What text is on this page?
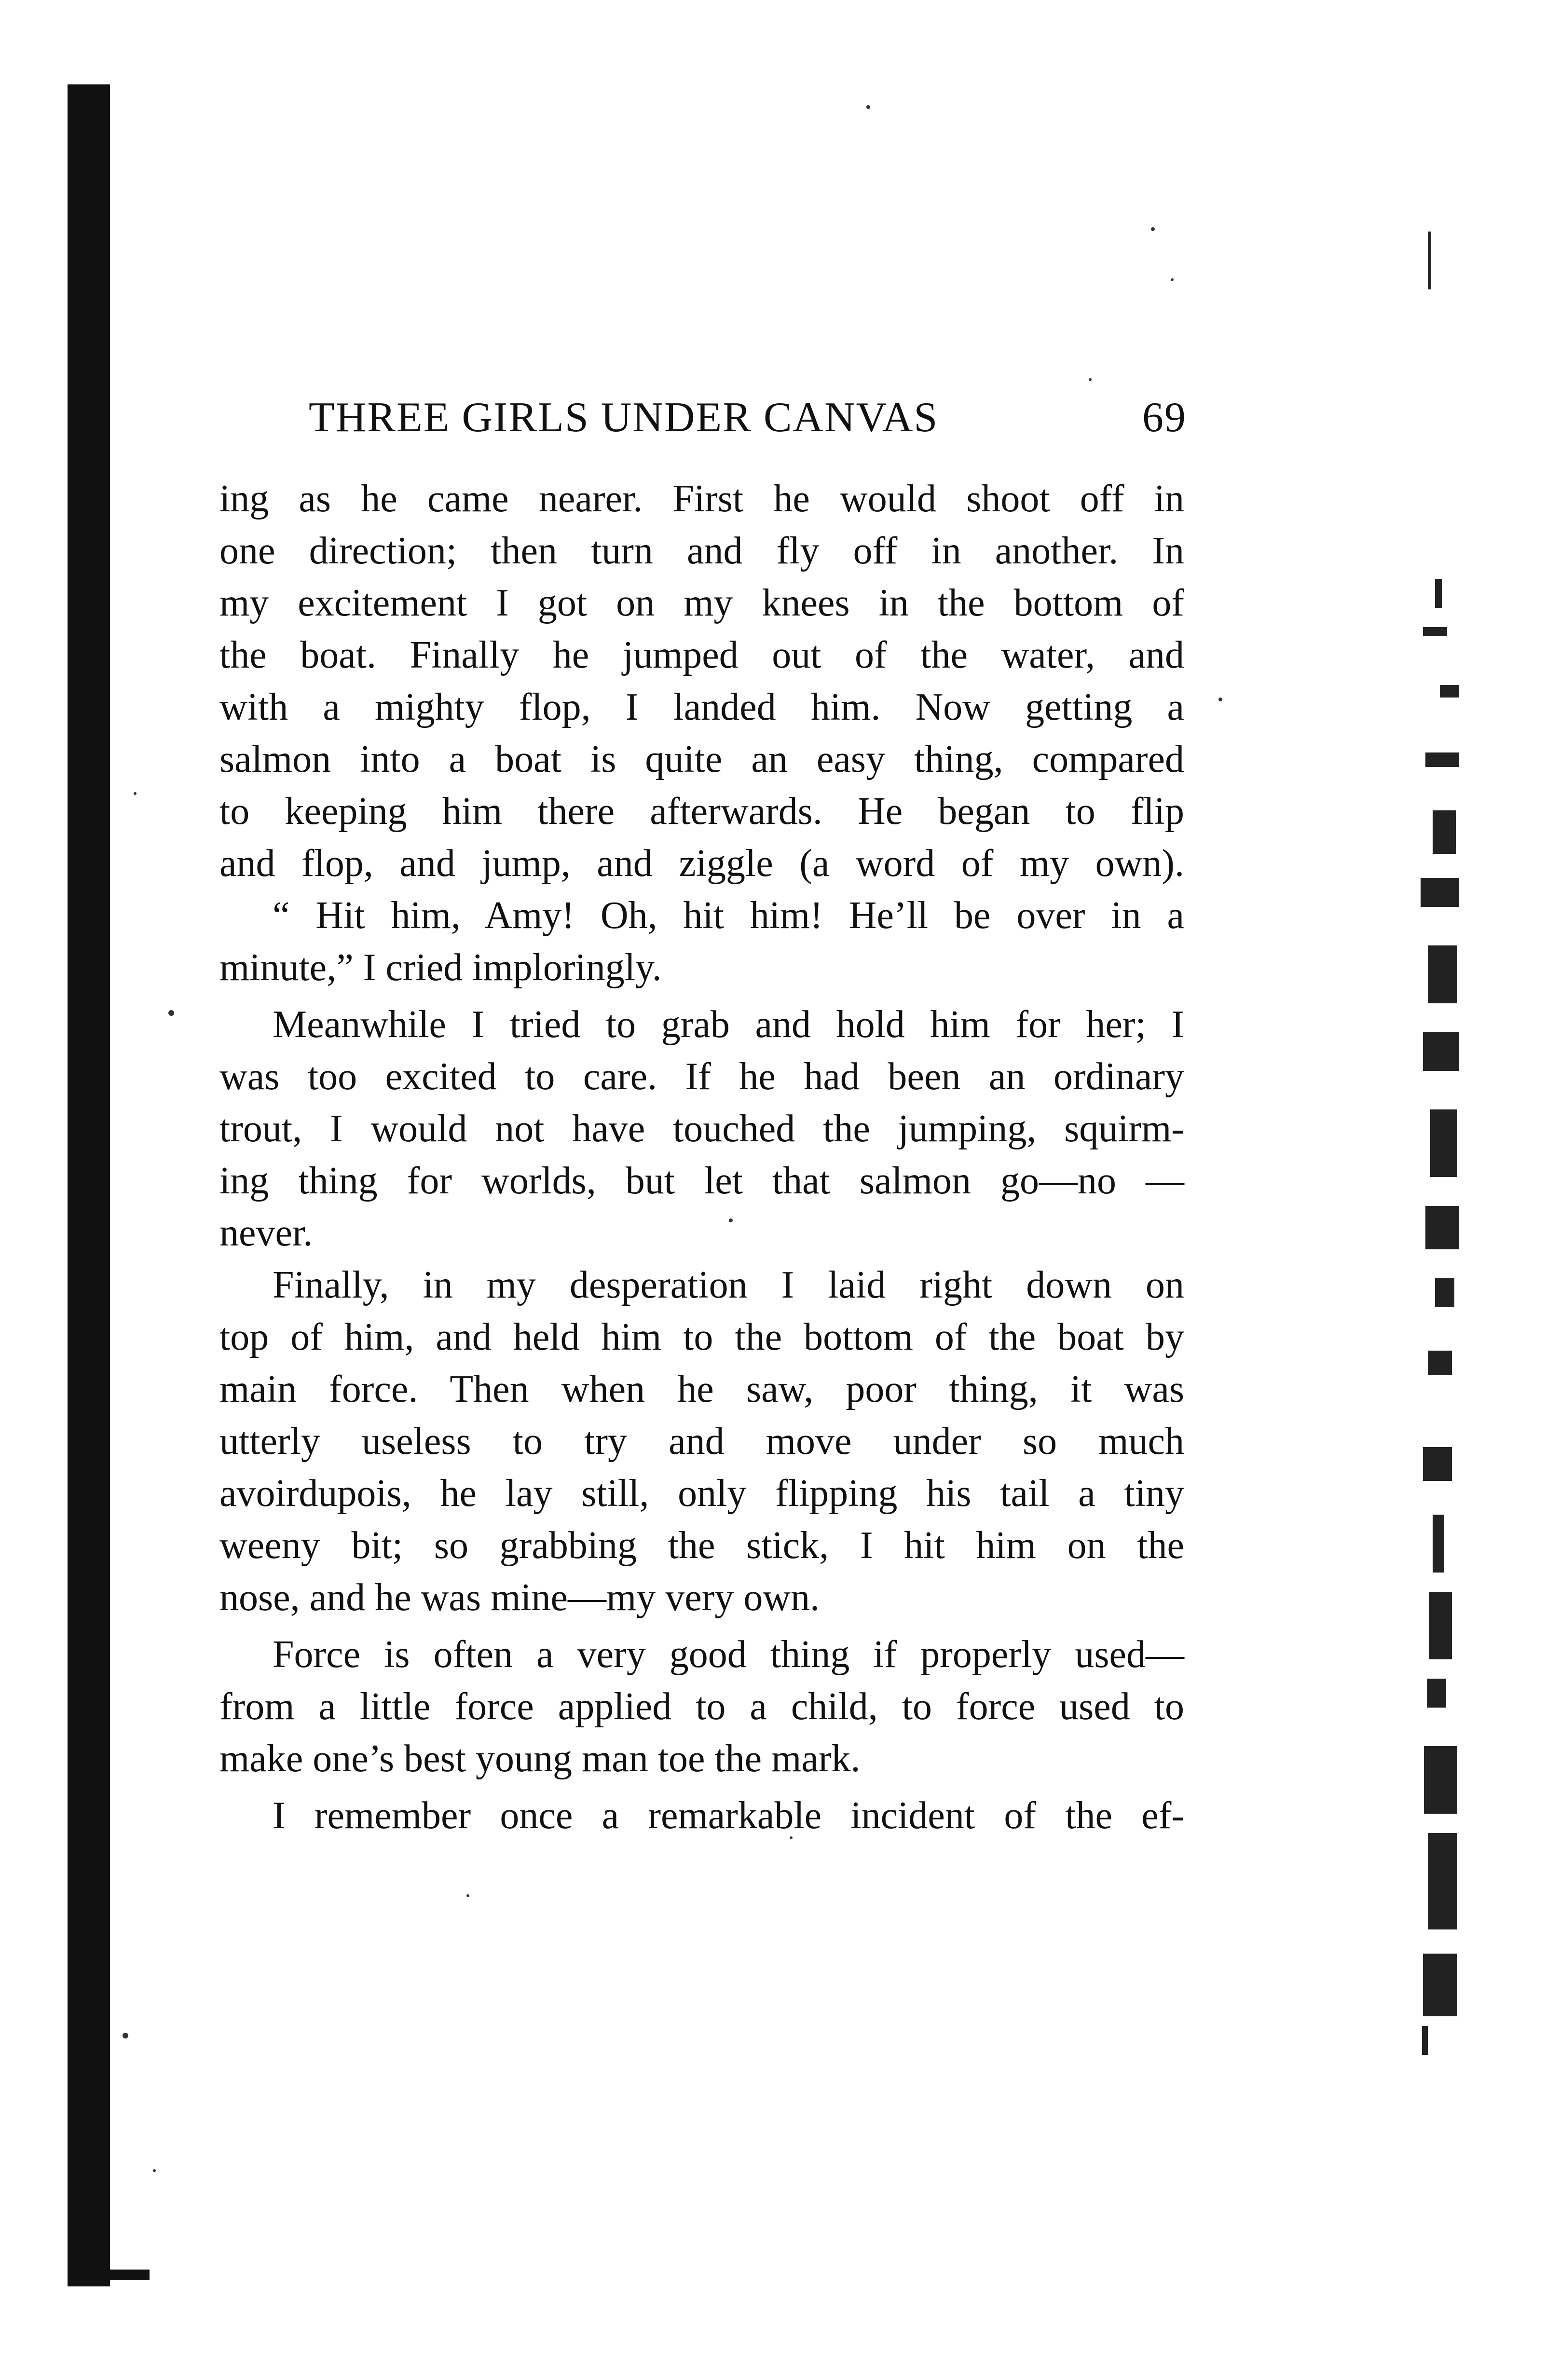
THREE GIRLS UNDER CANVAS	69
ing as he came nearer. First he would shoot off in
one direction; then turn and fly off in another. In
my excitement I got on my knees in the bottom of
the boat. Finally he jumped out of the water, and
with a mighty flop, I landed him. Now getting a
salmon into a boat is quite an easy thing, compared
to keeping him there afterwards. He began to flip
and flop, and jump, and ziggle (a word of my own).
“ Hit him, Amy! Oh, hit him! He’ll be over in a
minute,” I cried imploringly.
Meanwhile I tried to grab and hold him for her; I
was too excited to care. If he had been an ordinary
trout, I would not have touched the jumping, squirm-
ing thing for worlds, but let that salmon go—no —
never.
Finally, in my desperation I laid right down on
top of him, and held him to the bottom of the boat by
main force. Then when he saw, poor thing, it was
utterly useless to try and move under so much
avoirdupois, he lay still, only flipping his tail a tiny
weeny bit; so grabbing the stick, I hit him on the
nose, and he was mine—my very own.
Force is often a very good thing if properly used—
from a little force applied to a child, to force used to
make one’s best young man toe the mark.
I remember once a remarkable incident of the ef-
